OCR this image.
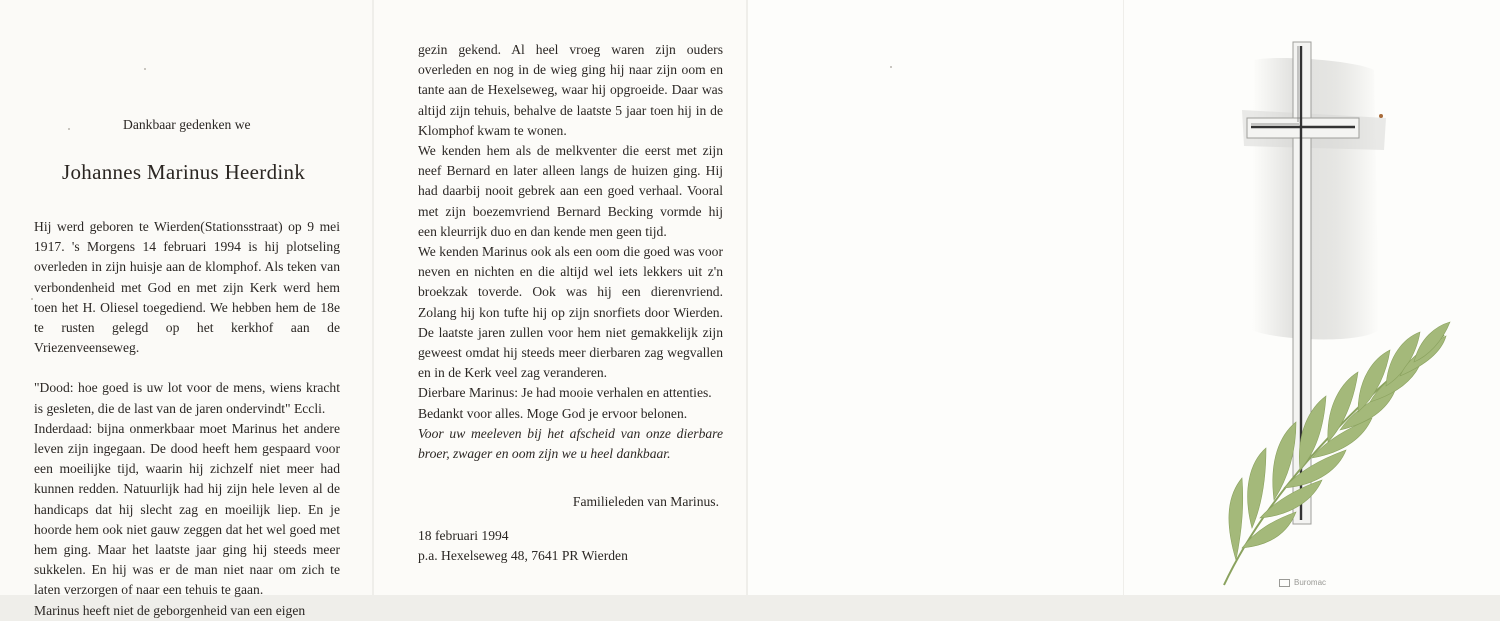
Dankbaar gedenken we
Johannes Marinus Heerdink

Hij werd geboren te Wierden(Stationsstraat) op 9 mei 1917. 's Morgens 14 februari 1994 is hij plotseling overleden in zijn huisje aan de klomphof. Als teken van verbondenheid met God en met zijn Kerk werd hem toen het H. Oliesel toegediend. We hebben hem de 18e te rusten gelegd op het kerkhof aan de Vriezenveenseweg.

"Dood: hoe goed is uw lot voor de mens, wiens kracht is gesleten, die de last van de jaren ondervindt" Eccli.

Inderdaad: bijna onmerkbaar moet Marinus het andere leven zijn ingegaan. De dood heeft hem gespaard voor een moeilijke tijd, waarin hij zichzelf niet meer had kunnen redden. Natuurlijk had hij zijn hele leven al de handicaps dat hij slecht zag en moeilijk liep. En je hoorde hem ook niet gauw zeggen dat het wel goed met hem ging. Maar het laatste jaar ging hij steeds meer sukkelen. En hij was er de man niet naar om zich te laten verzorgen of naar een tehuis te gaan.

Marinus heeft niet de geborgenheid van een eigen

gezin gekend. Al heel vroeg waren zijn ouders overleden en nog in de wieg ging hij naar zijn oom en tante aan de Hexelseweg, waar hij opgroeide. Daar was altijd zijn tehuis, behalve de laatste 5 jaar toen hij in de Klomphof kwam te wonen.

We kenden hem als de melkventer die eerst met zijn neef Bernard en later alleen langs de huizen ging. Hij had daarbij nooit gebrek aan een goed verhaal. Vooral met zijn boezemvriend Bernard Becking vormde hij een kleurrijk duo en dan kende men geen tijd.

We kenden Marinus ook als een oom die goed was voor neven en nichten en die altijd wel iets lekkers uit z'n broekzak toverde. Ook was hij een dierenvriend. Zolang hij kon tufte hij op zijn snorfiets door Wierden. De laatste jaren zullen voor hem niet gemakkelijk zijn geweest omdat hij steeds meer dierbaren zag wegvallen en in de Kerk veel zag veranderen.

Dierbare Marinus: Je had mooie verhalen en attenties.

Bedankt voor alles. Moge God je ervoor belonen.

Voor uw meeleven bij het afscheid van onze dierbare broer, zwager en oom zijn we u heel dankbaar.
Familieleden van Marinus.
18 februari 1994
p.a. Hexelseweg 48, 7641 PR Wierden
Buromac
